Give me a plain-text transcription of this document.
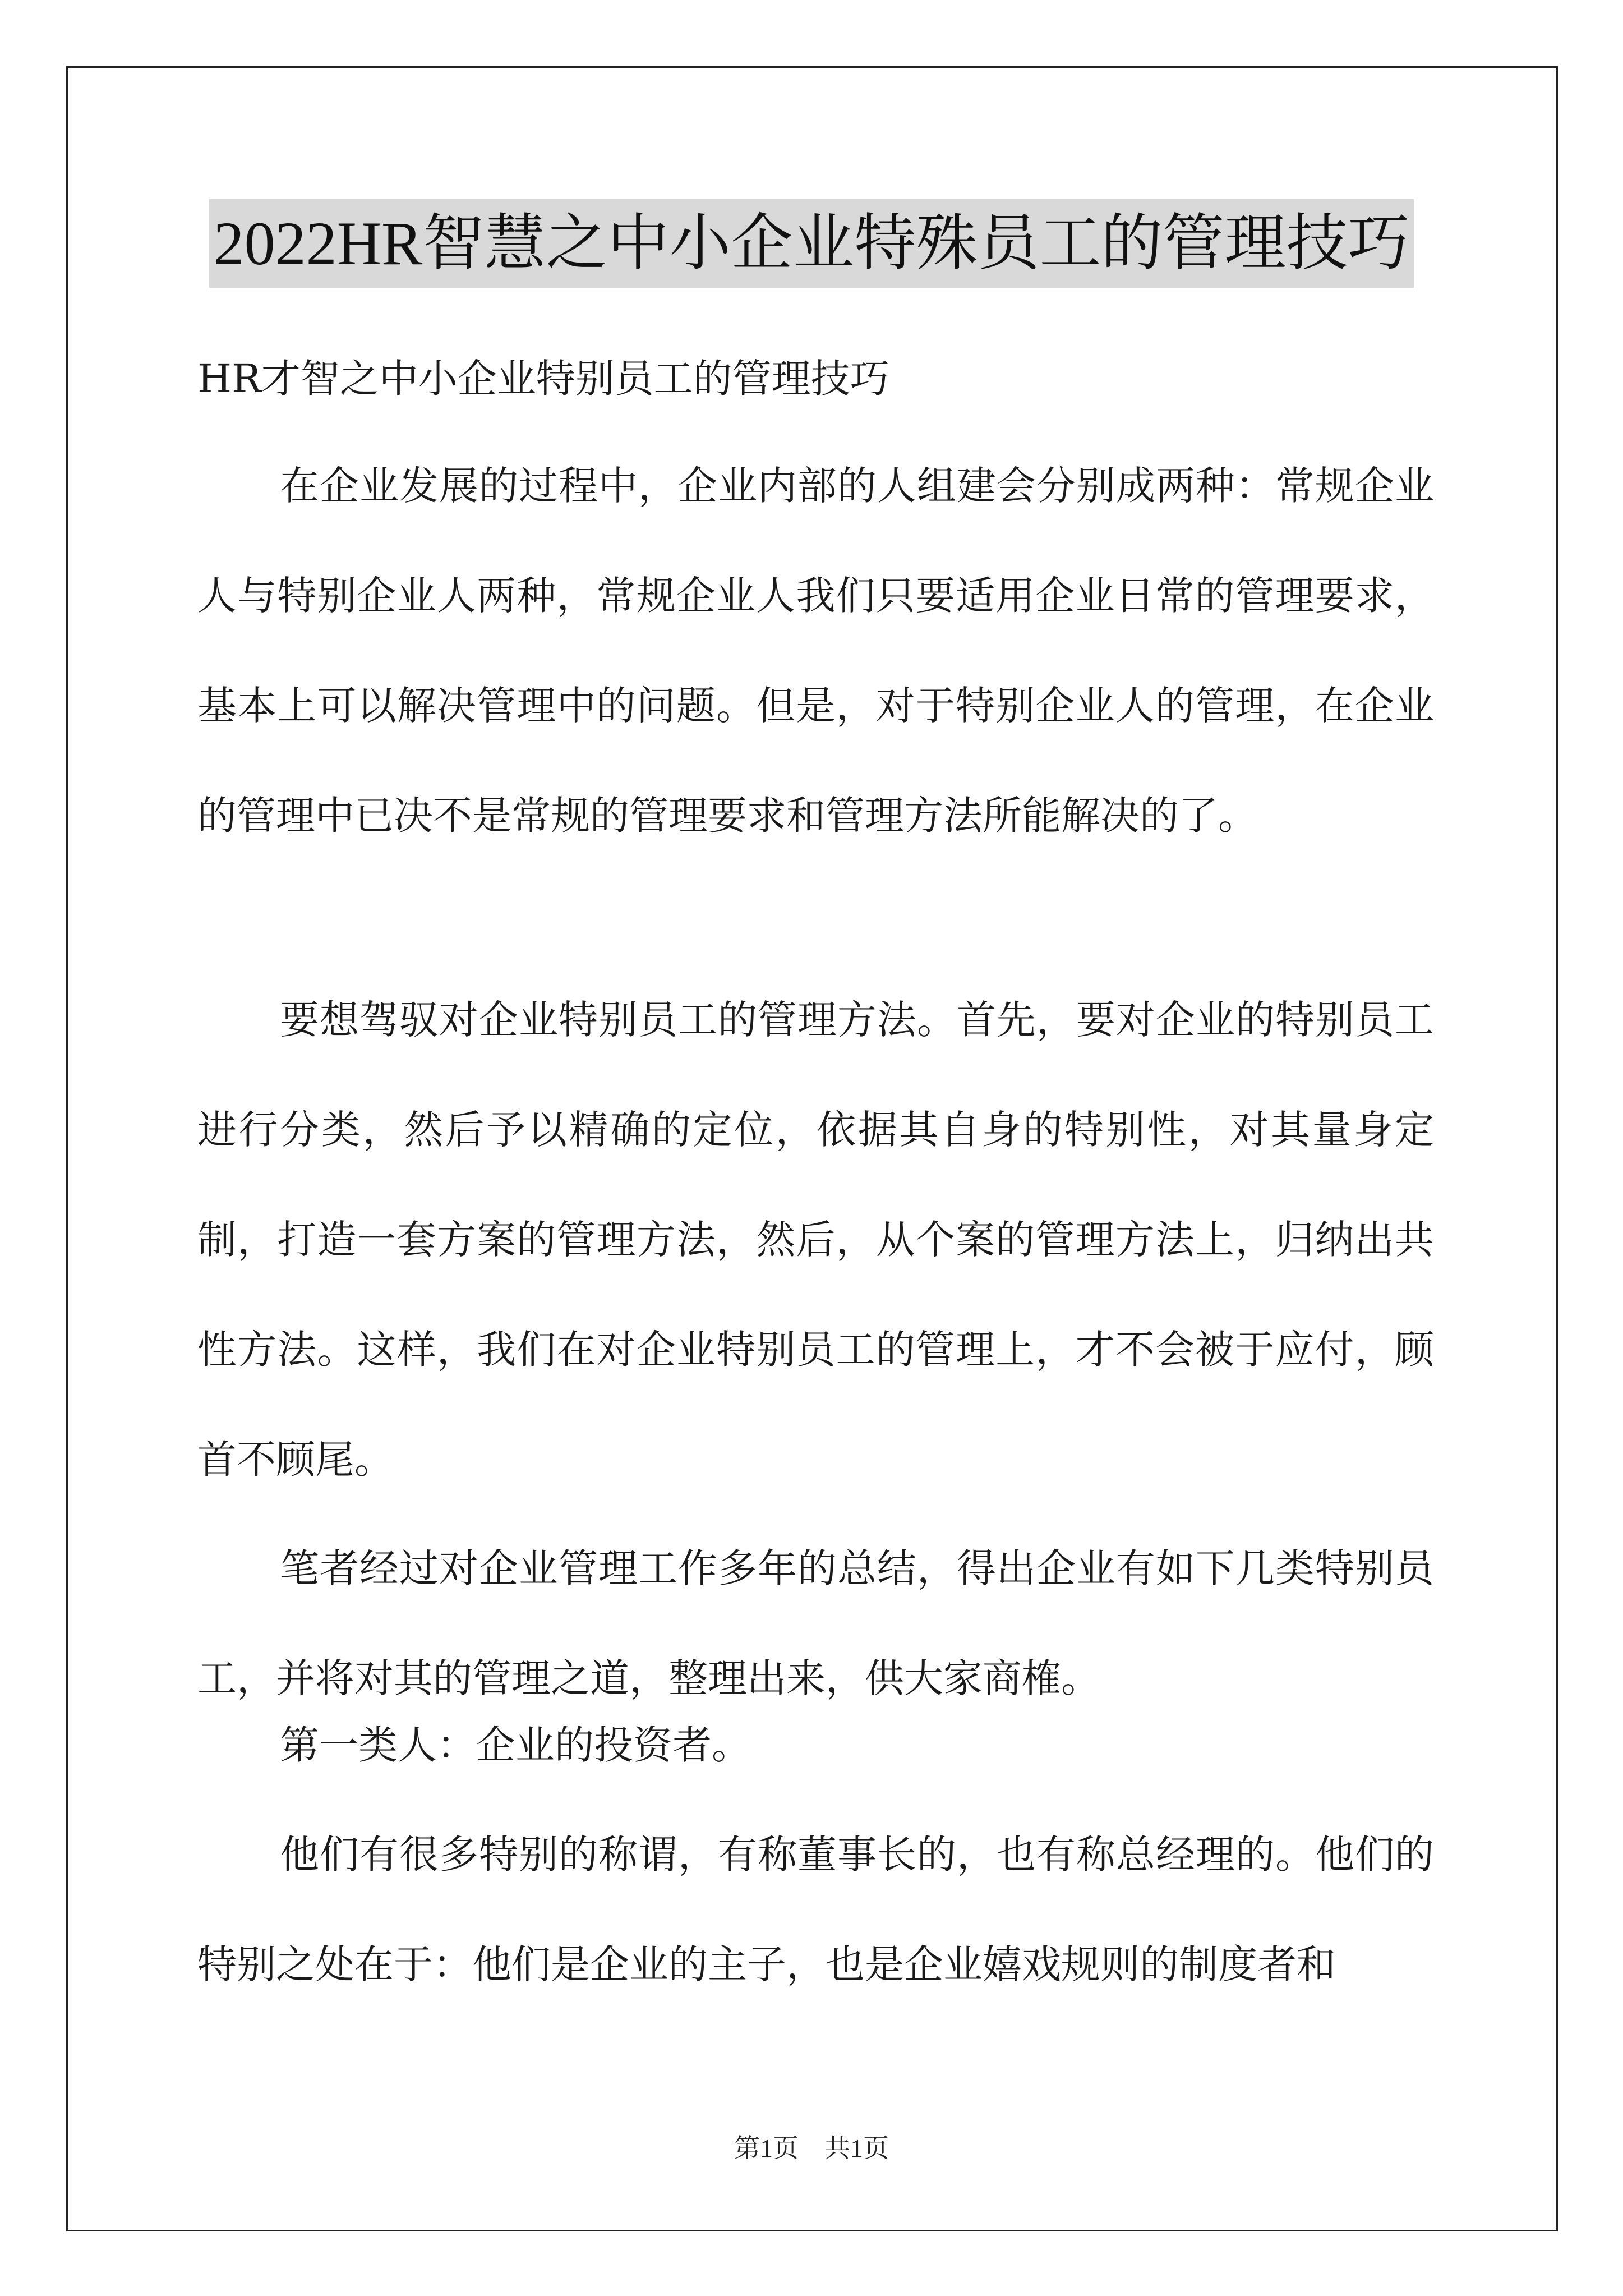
2022HR智慧之中小企业特殊员工的管理技巧
HR才智之中小企业特别员工的管理技巧

在企业发展的过程中，企业内部的人组建会分别成两种：常规企业人与特别企业人两种，常规企业人我们只要适用企业日常的管理要求，基本上可以解决管理中的问题。但是，对于特别企业人的管理，在企业的管理中已决不是常规的管理要求和管理方法所能解决的了。

要想驾驭对企业特别员工的管理方法。首先，要对企业的特别员工进行分类，然后予以精确的定位，依据其自身的特别性，对其量身定制，打造一套方案的管理方法，然后，从个案的管理方法上，归纳出共性方法。这样，我们在对企业特别员工的管理上，才不会被于应付，顾首不顾尾。

笔者经过对企业管理工作多年的总结，得出企业有如下几类特别员工，并将对其的管理之道，整理出来，供大家商榷。

第一类人：企业的投资者。

他们有很多特别的称谓，有称董事长的，也有称总经理的。他们的特别之处在于：他们是企业的主子，也是企业嬉戏规则的制度者和

第1页　共1页
